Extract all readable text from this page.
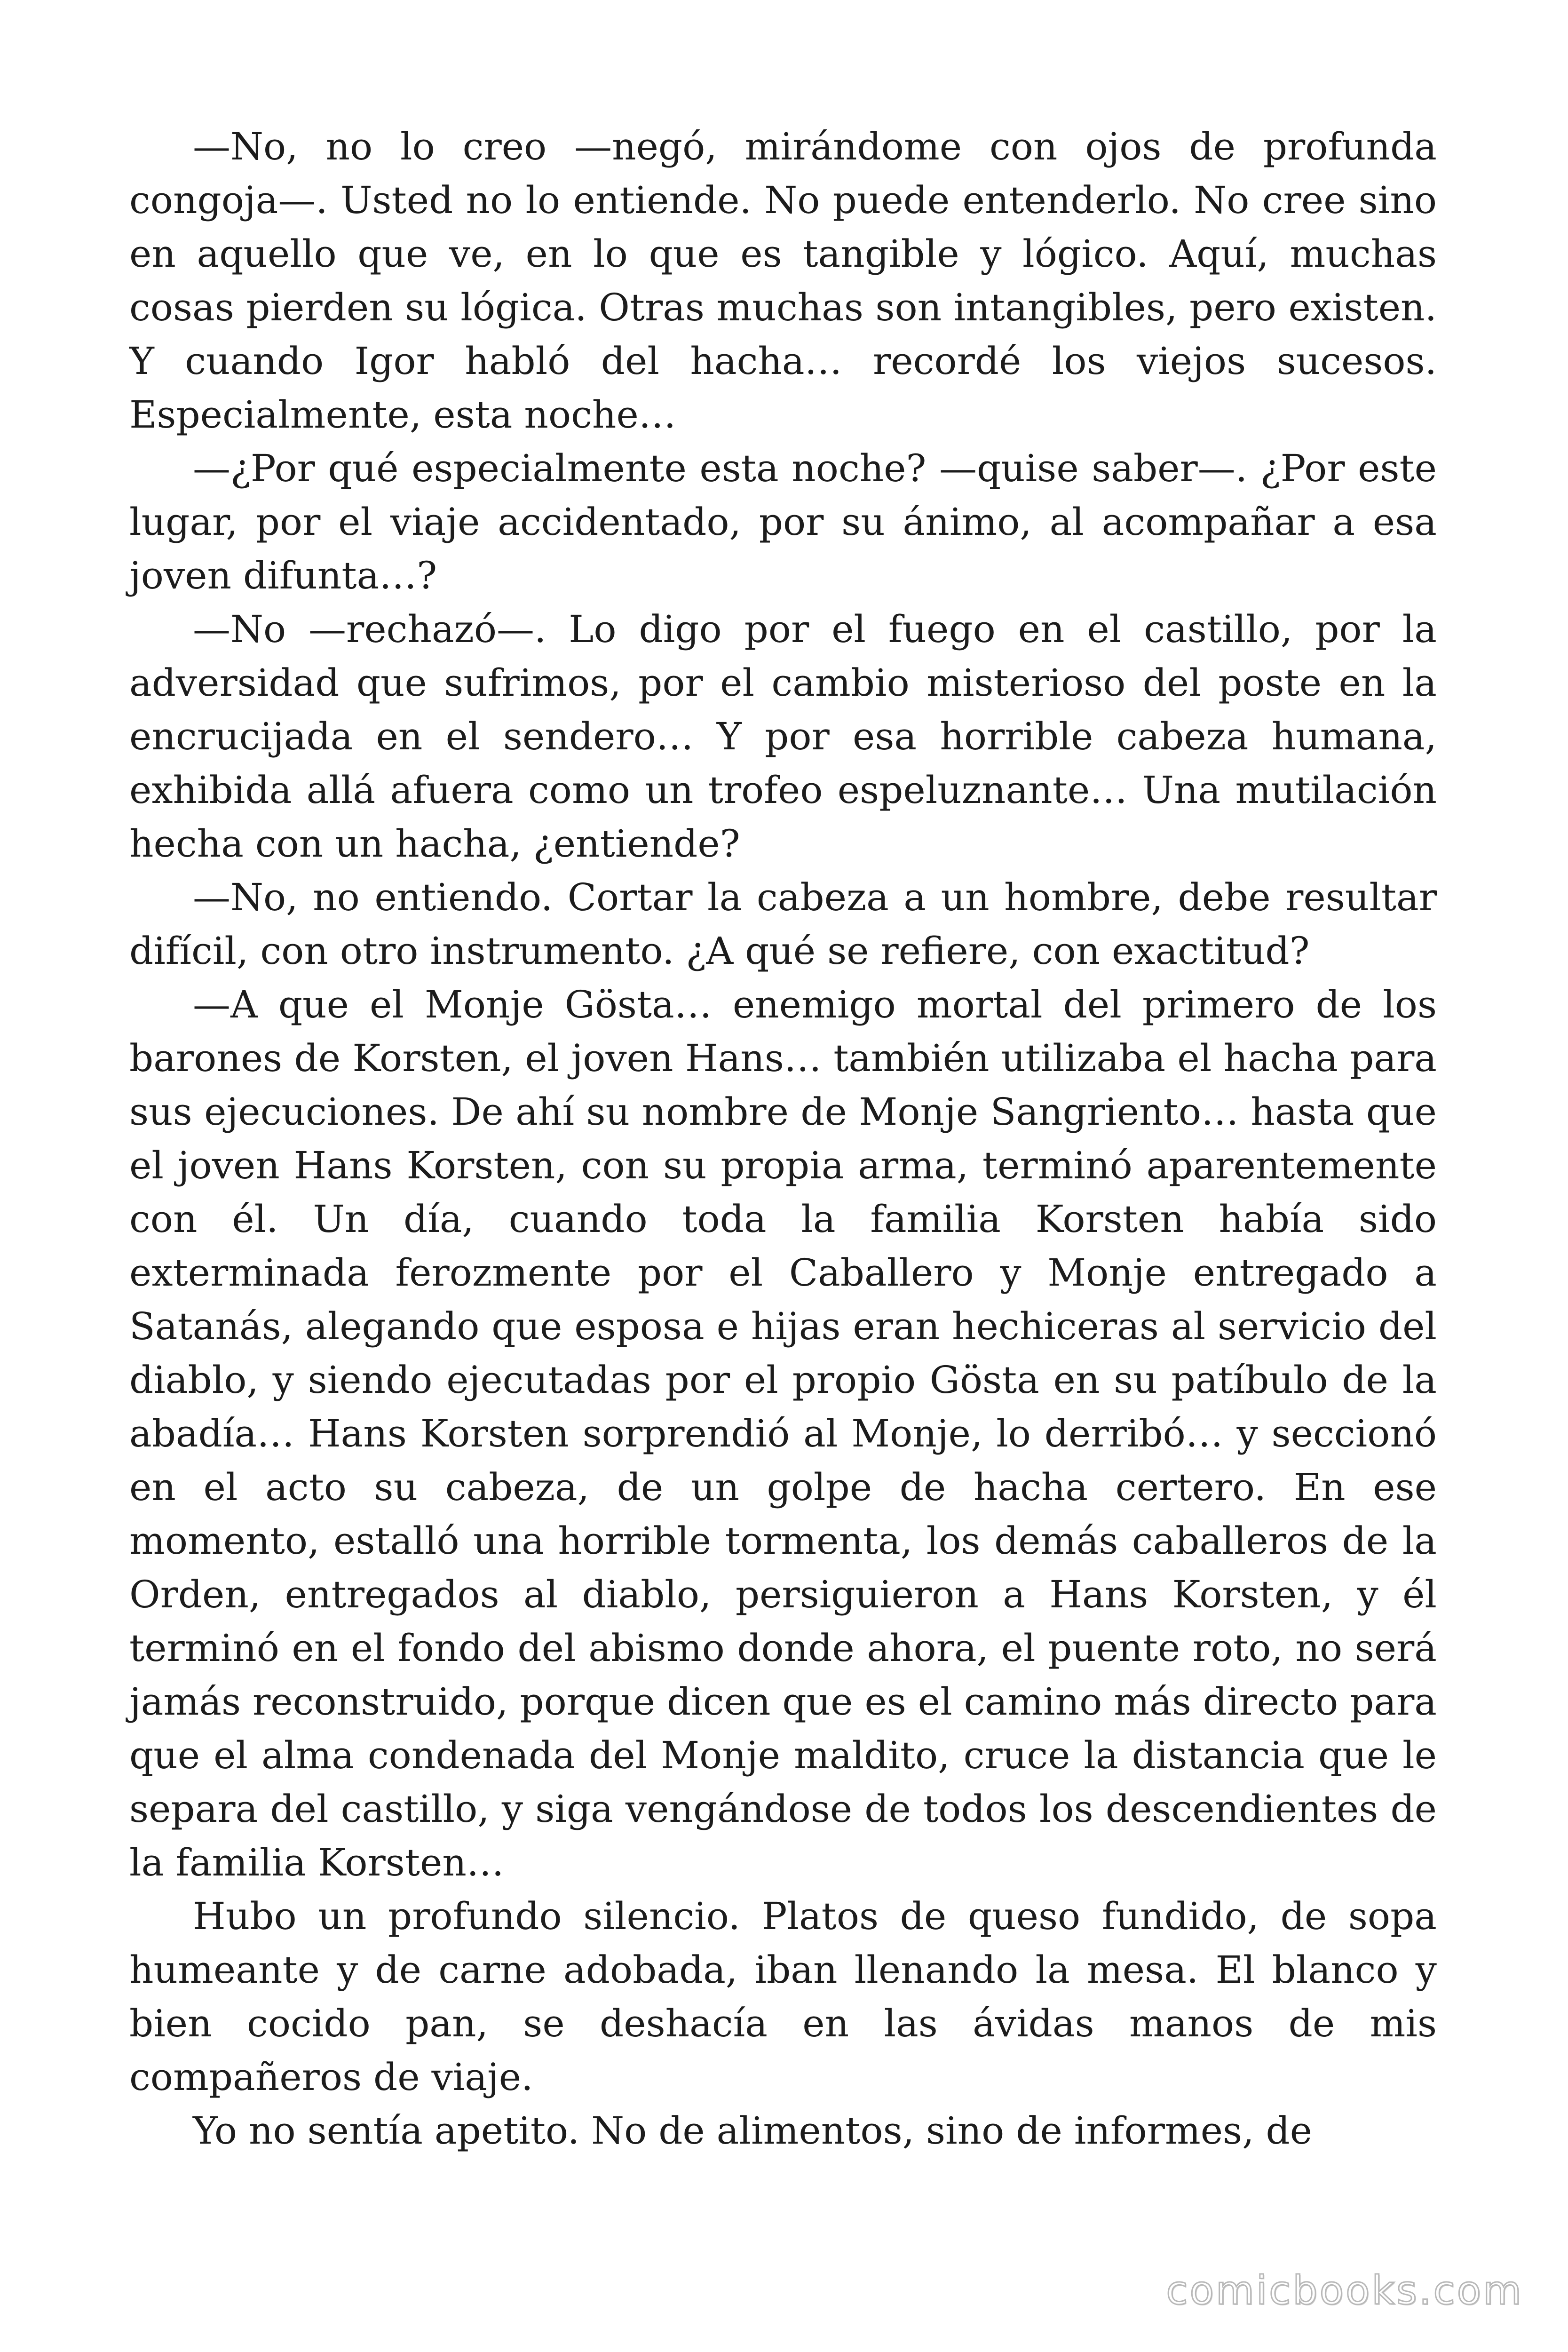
—No, no lo creo —negó, mirándome con ojos de profunda congoja—. Usted no lo entiende. No puede entenderlo. No cree sino en aquello que ve, en lo que es tangible y lógico. Aquí, muchas cosas pierden su lógica. Otras muchas son intangibles, pero existen. Y cuando Igor habló del hacha… recordé los viejos sucesos. Especialmente, esta noche…

—¿Por qué especialmente esta noche? —quise saber—. ¿Por este lugar, por el viaje accidentado, por su ánimo, al acompañar a esa joven difunta…?

—No —rechazó—. Lo digo por el fuego en el castillo, por la adversidad que sufrimos, por el cambio misterioso del poste en la encrucijada en el sendero… Y por esa horrible cabeza humana, exhibida allá afuera como un trofeo espeluznante… Una mutilación hecha con un hacha, ¿entiende?

—No, no entiendo. Cortar la cabeza a un hombre, debe resultar difícil, con otro instrumento. ¿A qué se refiere, con exactitud?

—A que el Monje Gösta… enemigo mortal del primero de los barones de Korsten, el joven Hans… también utilizaba el hacha para sus ejecuciones. De ahí su nombre de Monje Sangriento… hasta que el joven Hans Korsten, con su propia arma, terminó aparentemente con él. Un día, cuando toda la familia Korsten había sido exterminada ferozmente por el Caballero y Monje entregado a Satanás, alegando que esposa e hijas eran hechiceras al servicio del diablo, y siendo ejecutadas por el propio Gösta en su patíbulo de la abadía… Hans Korsten sorprendió al Monje, lo derribó… y seccionó en el acto su cabeza, de un golpe de hacha certero. En ese momento, estalló una horrible tormenta, los demás caballeros de la Orden, entregados al diablo, persiguieron a Hans Korsten, y él terminó en el fondo del abismo donde ahora, el puente roto, no será jamás reconstruido, porque dicen que es el camino más directo para que el alma condenada del Monje maldito, cruce la distancia que le separa del castillo, y siga vengándose de todos los descendientes de la familia Korsten…

Hubo un profundo silencio. Platos de queso fundido, de sopa humeante y de carne adobada, iban llenando la mesa. El blanco y bien cocido pan, se deshacía en las ávidas manos de mis compañeros de viaje.

Yo no sentía apetito. No de alimentos, sino de informes, de

comicbooks.com
